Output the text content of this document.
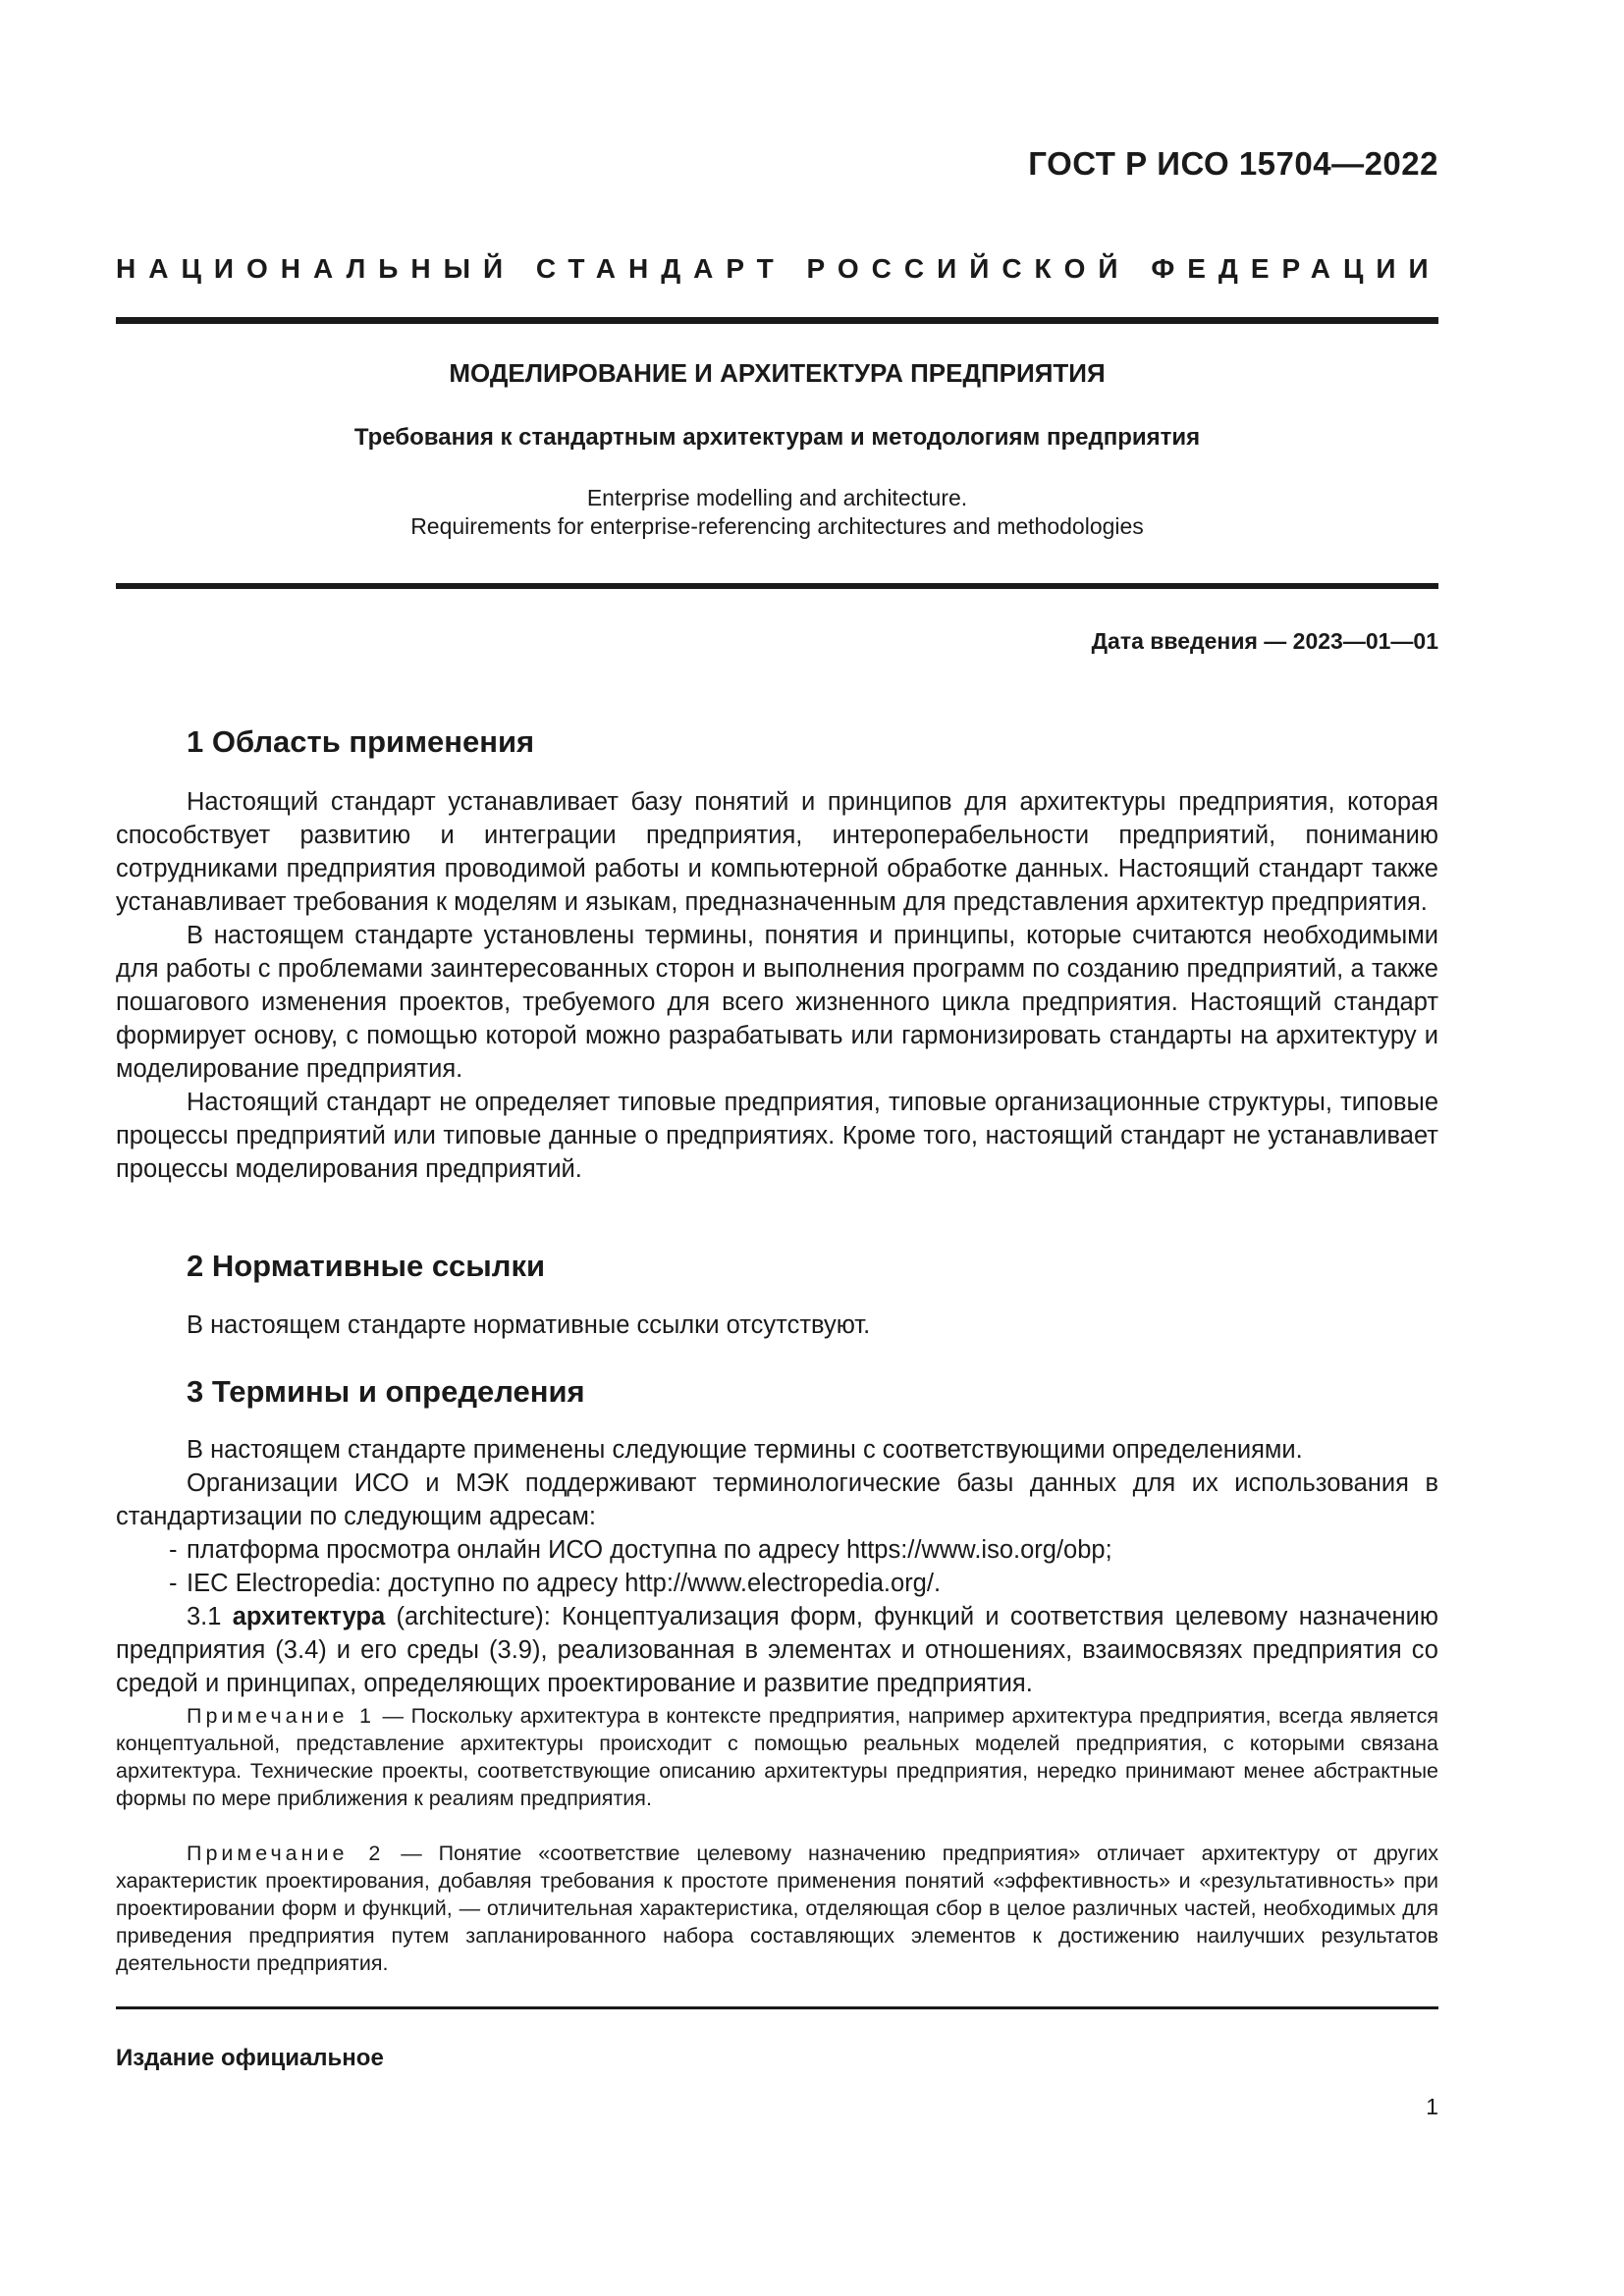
ГОСТ Р ИСО 15704—2022
НАЦИОНАЛЬНЫЙ СТАНДАРТ РОССИЙСКОЙ ФЕДЕРАЦИИ
МОДЕЛИРОВАНИЕ И АРХИТЕКТУРА ПРЕДПРИЯТИЯ
Требования к стандартным архитектурам и методологиям предприятия
Enterprise modelling and architecture.
Requirements for enterprise-referencing architectures and methodologies
Дата введения — 2023—01—01
1 Область применения

Настоящий стандарт устанавливает базу понятий и принципов для архитектуры предприятия, которая способствует развитию и интеграции предприятия, интероперабельности предприятий, пониманию сотрудниками предприятия проводимой работы и компьютерной обработке данных. Настоящий стандарт также устанавливает требования к моделям и языкам, предназначенным для представления архитектур предприятия.

В настоящем стандарте установлены термины, понятия и принципы, которые считаются необходимыми для работы с проблемами заинтересованных сторон и выполнения программ по созданию предприятий, а также пошагового изменения проектов, требуемого для всего жизненного цикла предприятия. Настоящий стандарт формирует основу, с помощью которой можно разрабатывать или гармонизировать стандарты на архитектуру и моделирование предприятия.

Настоящий стандарт не определяет типовые предприятия, типовые организационные структуры, типовые процессы предприятий или типовые данные о предприятиях. Кроме того, настоящий стандарт не устанавливает процессы моделирования предприятий.

2 Нормативные ссылки

В настоящем стандарте нормативные ссылки отсутствуют.

3 Термины и определения

В настоящем стандарте применены следующие термины с соответствующими определениями.

Организации ИСО и МЭК поддерживают терминологические базы данных для их использования в стандартизации по следующим адресам:

- платформа просмотра онлайн ИСО доступна по адресу https://www.iso.org/obp;

- IEC Electropedia: доступно по адресу http://www.electropedia.org/.

3.1 архитектура (architecture): Концептуализация форм, функций и соответствия целевому назначению предприятия (3.4) и его среды (3.9), реализованная в элементах и отношениях, взаимосвязях предприятия со средой и принципах, определяющих проектирование и развитие предприятия.

Примечание 1 — Поскольку архитектура в контексте предприятия, например архитектура предприятия, всегда является концептуальной, представление архитектуры происходит с помощью реальных моделей предприятия, с которыми связана архитектура. Технические проекты, соответствующие описанию архитектуры предприятия, нередко принимают менее абстрактные формы по мере приближения к реалиям предприятия.

Примечание 2 — Понятие «соответствие целевому назначению предприятия» отличает архитектуру от других характеристик проектирования, добавляя требования к простоте применения понятий «эффективность» и «результативность» при проектировании форм и функций, — отличительная характеристика, отделяющая сбор в целое различных частей, необходимых для приведения предприятия путем запланированного набора составляющих элементов к достижению наилучших результатов деятельности предприятия.

Издание официальное
1
